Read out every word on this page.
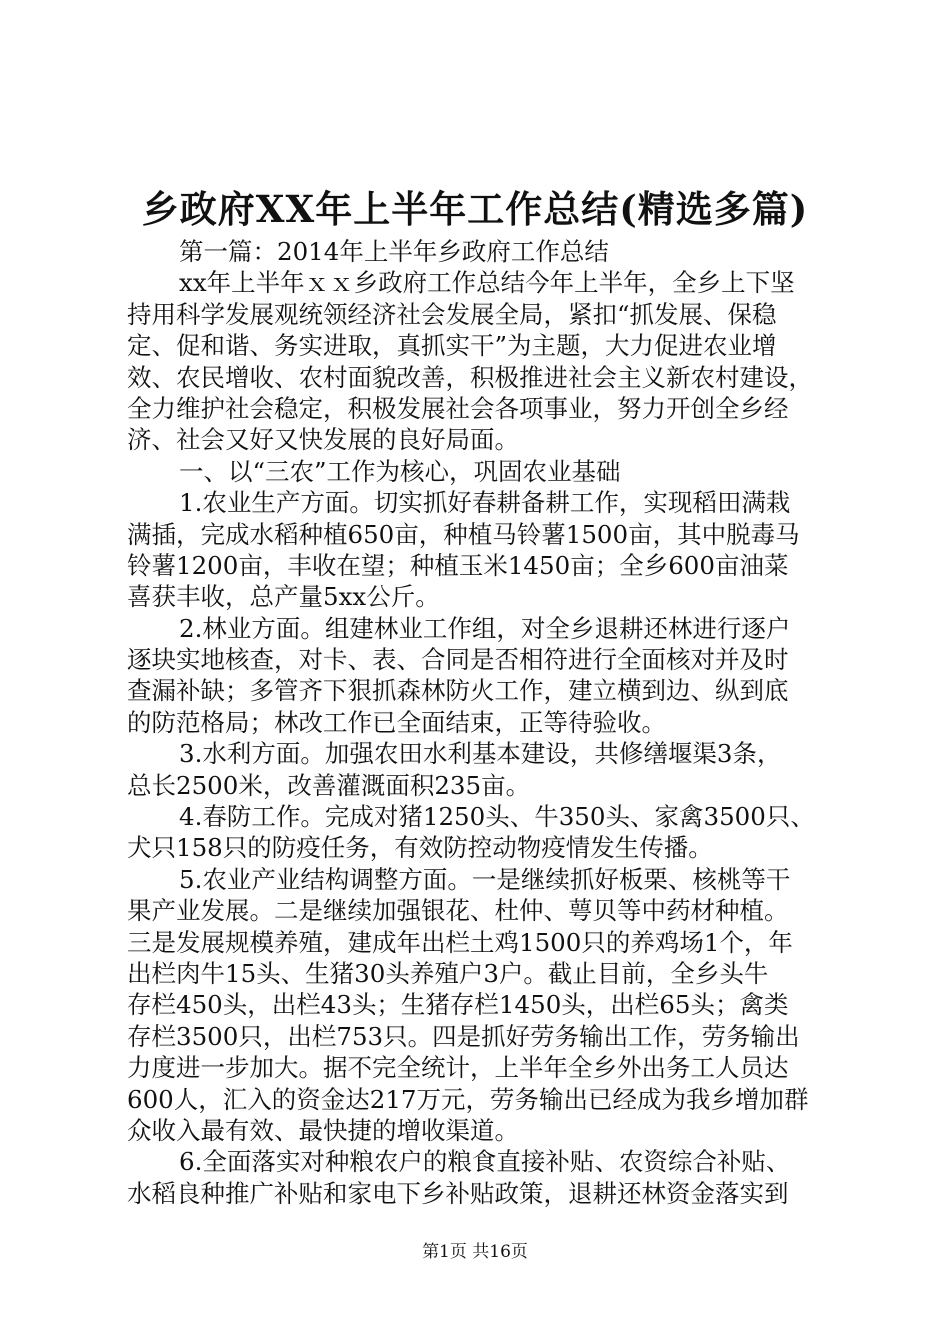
乡政府XX年上半年工作总结(精选多篇)
第一篇：2014年上半年乡政府工作总结
xx年上半年ｘｘ乡政府工作总结今年上半年，全乡上下坚
持用科学发展观统领经济社会发展全局，紧扣“抓发展、保稳
定、促和谐、务实进取，真抓实干”为主题，大力促进农业增
效、农民增收、农村面貌改善，积极推进社会主义新农村建设，
全力维护社会稳定，积极发展社会各项事业，努力开创全乡经
济、社会又好又快发展的良好局面。
一、以“三农”工作为核心，巩固农业基础
1.农业生产方面。切实抓好春耕备耕工作，实现稻田满栽
满插，完成水稻种植650亩，种植马铃薯1500亩，其中脱毒马
铃薯1200亩，丰收在望；种植玉米1450亩；全乡600亩油菜
喜获丰收，总产量5xx公斤。
2.林业方面。组建林业工作组，对全乡退耕还林进行逐户
逐块实地核查，对卡、表、合同是否相符进行全面核对并及时
查漏补缺；多管齐下狠抓森林防火工作，建立横到边、纵到底
的防范格局；林改工作已全面结束，正等待验收。
3.水利方面。加强农田水利基本建设，共修缮堰渠3条，
总长2500米，改善灌溉面积235亩。
4.春防工作。完成对猪1250头、牛350头、家禽3500只、
犬只158只的防疫任务，有效防控动物疫情发生传播。
5.农业产业结构调整方面。一是继续抓好板栗、核桃等干
果产业发展。二是继续加强银花、杜仲、萼贝等中药材种植。
三是发展规模养殖，建成年出栏土鸡1500只的养鸡场1个，年
出栏肉牛15头、生猪30头养殖户3户。截止目前，全乡头牛
存栏450头，出栏43头；生猪存栏1450头，出栏65头；禽类
存栏3500只，出栏753只。四是抓好劳务输出工作，劳务输出
力度进一步加大。据不完全统计，上半年全乡外出务工人员达
600人，汇入的资金达217万元，劳务输出已经成为我乡增加群
众收入最有效、最快捷的增收渠道。
6.全面落实对种粮农户的粮食直接补贴、农资综合补贴、
水稻良种推广补贴和家电下乡补贴政策，退耕还林资金落实到
第1页 共16页
